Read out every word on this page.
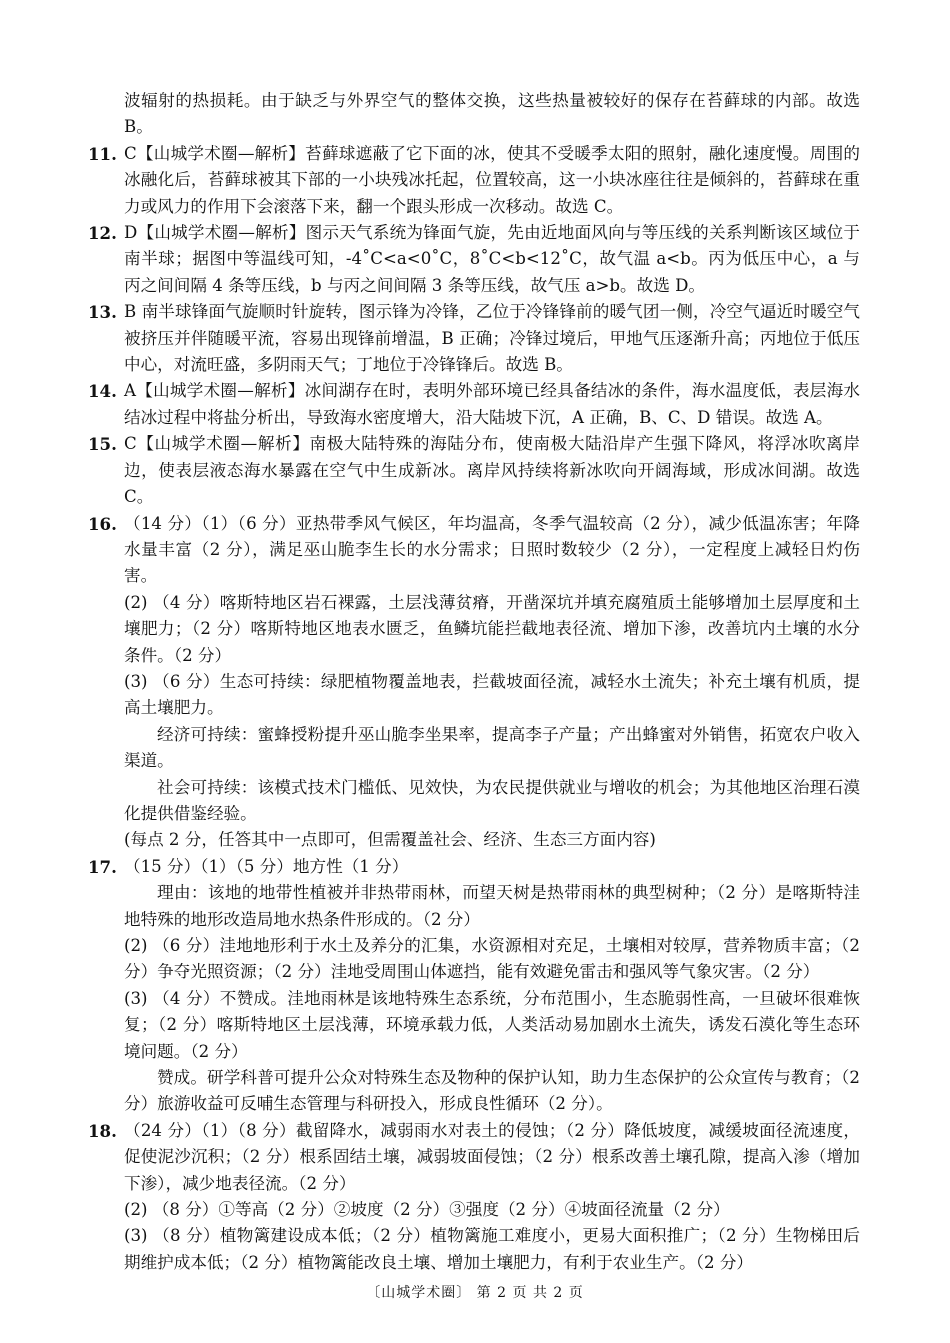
波辐射的热损耗。由于缺乏与外界空气的整体交换，这些热量被较好的保存在苔藓球的内部。故选 B。

11. C【山城学术圈—解析】苔藓球遮蔽了它下面的冰，使其不受暖季太阳的照射，融化速度慢。周围的冰融化后，苔藓球被其下部的一小块残冰托起，位置较高，这一小块冰座往往是倾斜的，苔藓球在重力或风力的作用下会滚落下来，翻一个跟头形成一次移动。故选 C。

12. D【山城学术圈—解析】图示天气系统为锋面气旋，先由近地面风向与等压线的关系判断该区域位于南半球；据图中等温线可知，-4˚C<a<0˚C，8˚C<b<12˚C，故气温 a<b。丙为低压中心，a 与丙之间间隔 4 条等压线，b 与丙之间间隔 3 条等压线，故气压 a>b。故选 D。

13. B 南半球锋面气旋顺时针旋转，图示锋为冷锋，乙位于冷锋锋前的暖气团一侧，冷空气逼近时暖空气被挤压并伴随暖平流，容易出现锋前增温，B 正确；冷锋过境后，甲地气压逐渐升高；丙地位于低压中心，对流旺盛，多阴雨天气；丁地位于冷锋锋后。故选 B。

14. A【山城学术圈—解析】冰间湖存在时，表明外部环境已经具备结冰的条件，海水温度低，表层海水结冰过程中将盐分析出，导致海水密度增大，沿大陆坡下沉，A 正确，B、C、D 错误。故选 A。

15. C【山城学术圈—解析】南极大陆特殊的海陆分布，使南极大陆沿岸产生强下降风，将浮冰吹离岸边，使表层液态海水暴露在空气中生成新冰。离岸风持续将新冰吹向开阔海域，形成冰间湖。故选 C。

16. （14 分）（1）（6 分）亚热带季风气候区，年均温高，冬季气温较高（2 分），减少低温冻害；年降水量丰富（2 分），满足巫山脆李生长的水分需求；日照时数较少（2 分），一定程度上减轻日灼伤害。

(2) （4 分）喀斯特地区岩石裸露，土层浅薄贫瘠，开凿深坑并填充腐殖质土能够增加土层厚度和土壤肥力；（2 分）喀斯特地区地表水匮乏，鱼鳞坑能拦截地表径流、增加下渗，改善坑内土壤的水分条件。（2 分）

(3) （6 分）生态可持续：绿肥植物覆盖地表，拦截坡面径流，减轻水土流失；补充土壤有机质，提高土壤肥力。

经济可持续：蜜蜂授粉提升巫山脆李坐果率，提高李子产量；产出蜂蜜对外销售，拓宽农户收入渠道。

社会可持续：该模式技术门槛低、见效快，为农民提供就业与增收的机会；为其他地区治理石漠化提供借鉴经验。

(每点 2 分，任答其中一点即可，但需覆盖社会、经济、生态三方面内容)

17. （15 分）（1）（5 分）地方性（1 分）

理由：该地的地带性植被并非热带雨林，而望天树是热带雨林的典型树种；（2 分）是喀斯特洼地特殊的地形改造局地水热条件形成的。（2 分）

(2) （6 分）洼地地形利于水土及养分的汇集，水资源相对充足，土壤相对较厚，营养物质丰富；（2 分）争夺光照资源；（2 分）洼地受周围山体遮挡，能有效避免雷击和强风等气象灾害。（2 分）

(3) （4 分）不赞成。洼地雨林是该地特殊生态系统，分布范围小，生态脆弱性高，一旦破坏很难恢复；（2 分）喀斯特地区土层浅薄，环境承载力低，人类活动易加剧水土流失，诱发石漠化等生态环境问题。（2 分）

赞成。研学科普可提升公众对特殊生态及物种的保护认知，助力生态保护的公众宣传与教育；（2 分）旅游收益可反哺生态管理与科研投入，形成良性循环（2 分）。

18. （24 分）（1）（8 分）截留降水，减弱雨水对表土的侵蚀；（2 分）降低坡度，减缓坡面径流速度，促使泥沙沉积；（2 分）根系固结土壤，减弱坡面侵蚀；（2 分）根系改善土壤孔隙，提高入渗（增加下渗），减少地表径流。（2 分）

(2) （8 分）①等高（2 分）②坡度（2 分）③强度（2 分）④坡面径流量（2 分）

(3) （8 分）植物篱建设成本低；（2 分）植物篱施工难度小，更易大面积推广；（2 分）生物梯田后期维护成本低；（2 分）植物篱能改良土壤、增加土壤肥力，有利于农业生产。（2 分）

〔山城学术圈〕 第 2 页 共 2 页
